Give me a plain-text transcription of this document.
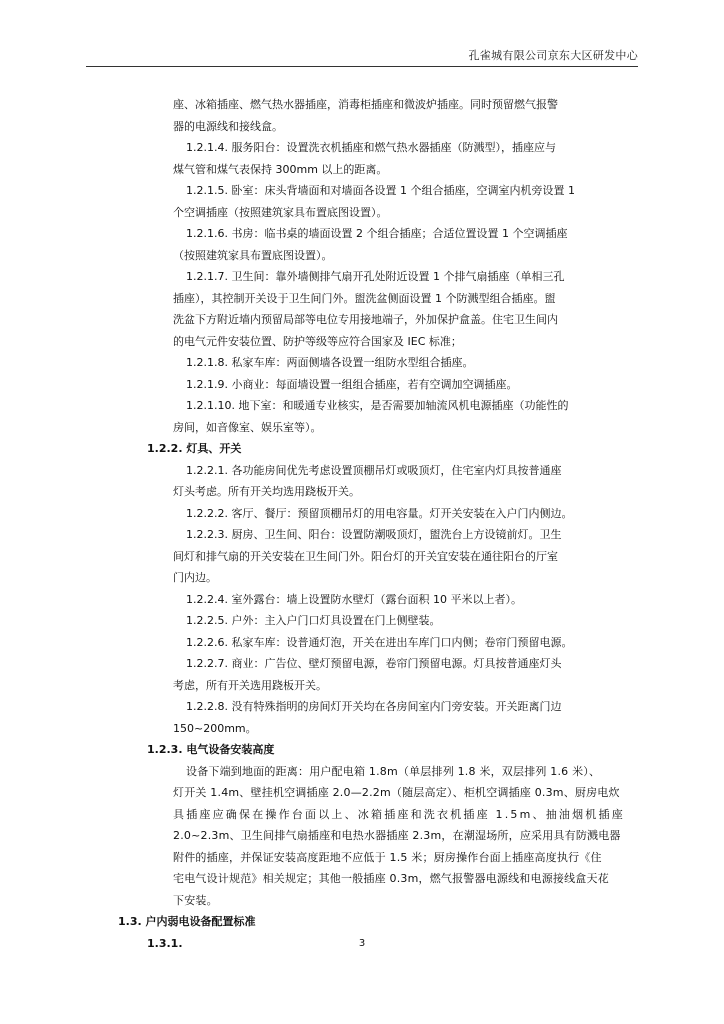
孔雀城有限公司京东大区研发中心
座、冰箱插座、燃气热水器插座，消毒柜插座和微波炉插座。同时预留燃气报警
器的电源线和接线盒。
1.2.1.4. 服务阳台：设置洗衣机插座和燃气热水器插座（防溅型），插座应与
煤气管和煤气表保持 300mm 以上的距离。
1.2.1.5. 卧室：床头背墙面和对墙面各设置 1 个组合插座，空调室内机旁设置 1
个空调插座（按照建筑家具布置底图设置）。
1.2.1.6. 书房：临书桌的墙面设置 2 个组合插座；合适位置设置 1 个空调插座
（按照建筑家具布置底图设置）。
1.2.1.7. 卫生间：靠外墙侧排气扇开孔处附近设置 1 个排气扇插座（单相三孔
插座），其控制开关设于卫生间门外。盥洗盆侧面设置 1 个防溅型组合插座。盥
洗盆下方附近墙内预留局部等电位专用接地端子，外加保护盒盖。住宅卫生间内
的电气元件安装位置、防护等级等应符合国家及 IEC 标准；
1.2.1.8. 私家车库：两面侧墙各设置一组防水型组合插座。
1.2.1.9. 小商业：每面墙设置一组组合插座，若有空调加空调插座。
1.2.1.10. 地下室：和暖通专业核实，是否需要加轴流风机电源插座（功能性的
房间，如音像室、娱乐室等）。
1.2.2. 灯具、开关
1.2.2.1. 各功能房间优先考虑设置顶棚吊灯或吸顶灯，住宅室内灯具按普通座
灯头考虑。所有开关均选用跷板开关。
1.2.2.2. 客厅、餐厅：预留顶棚吊灯的用电容量。灯开关安装在入户门内侧边。
1.2.2.3. 厨房、卫生间、阳台：设置防潮吸顶灯，盥洗台上方设镜前灯。卫生
间灯和排气扇的开关安装在卫生间门外。阳台灯的开关宜安装在通往阳台的厅室
门内边。
1.2.2.4. 室外露台：墙上设置防水壁灯（露台面积 10 平米以上者）。
1.2.2.5. 户外：主入户门口灯具设置在门上侧壁装。
1.2.2.6. 私家车库：设普通灯泡，开关在进出车库门口内侧；卷帘门预留电源。
1.2.2.7. 商业：广告位、壁灯预留电源，卷帘门预留电源。灯具按普通座灯头
考虑，所有开关选用跷板开关。
1.2.2.8. 没有特殊指明的房间灯开关均在各房间室内门旁安装。开关距离门边
150~200mm。
1.2.3. 电气设备安装高度
设备下端到地面的距离：用户配电箱 1.8m（单层排列 1.8 米，双层排列 1.6 米）、
灯开关 1.4m、壁挂机空调插座 2.0—2.2m（随层高定）、柜机空调插座 0.3m、厨房电炊
具插座应确保在操作台面以上、冰箱插座和洗衣机插座 1.5m、抽油烟机插座
2.0~2.3m、卫生间排气扇插座和电热水器插座 2.3m，在潮湿场所，应采用具有防溅电器
附件的插座，并保证安装高度距地不应低于 1.5 米；厨房操作台面上插座高度执行《住
宅电气设计规范》相关规定；其他一般插座 0.3m，燃气报警器电源线和电源接线盒天花
下安装。
1.3. 户内弱电设备配置标准
1.3.1.	3
